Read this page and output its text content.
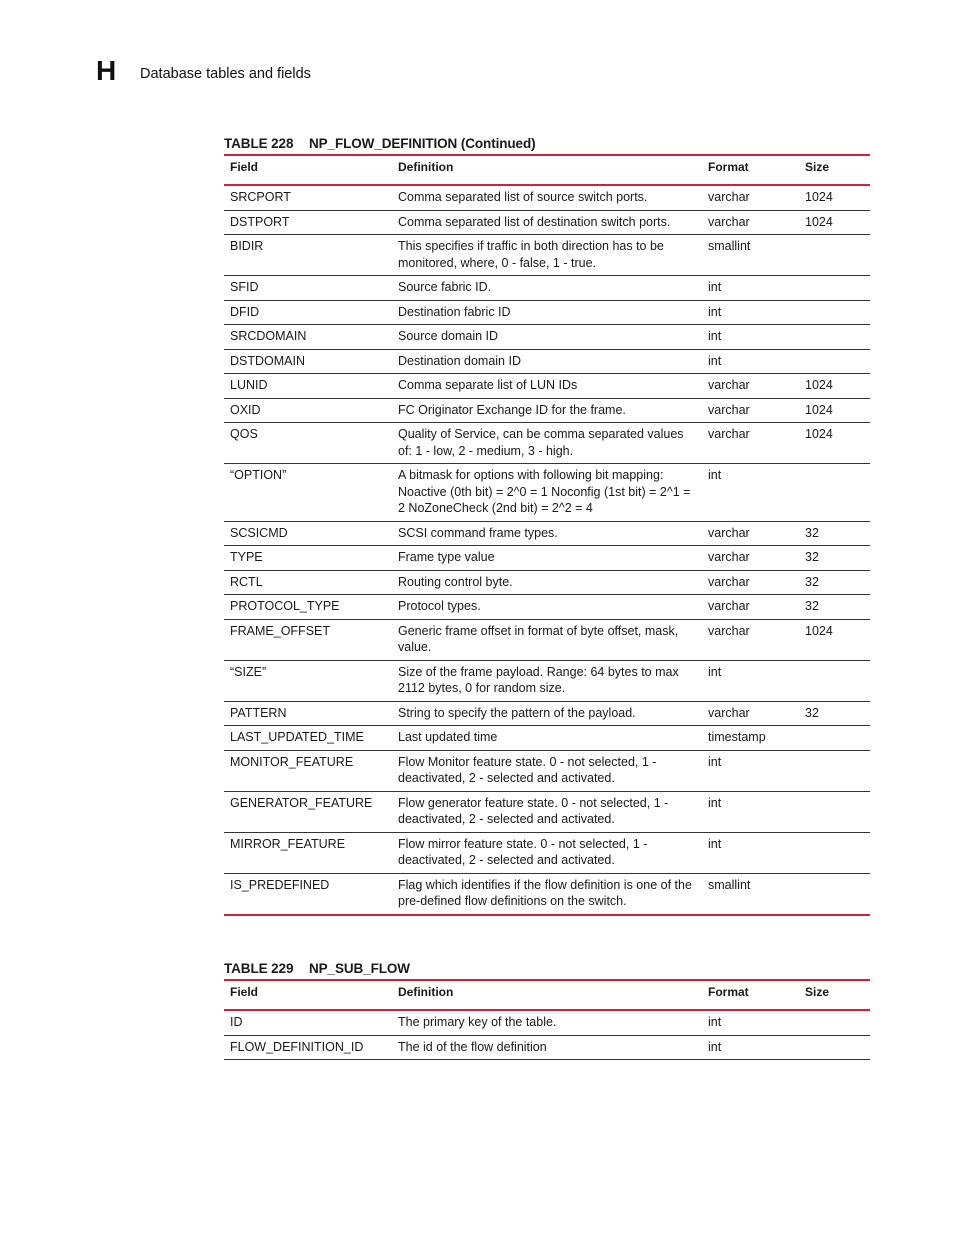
H Database tables and fields
TABLE 228 NP_FLOW_DEFINITION (Continued)
Field	Definition	Format	Size
SRCPORT	Comma separated list of source switch ports.	varchar	1024
DSTPORT	Comma separated list of destination switch ports.	varchar	1024
BIDIR	This specifies if traffic in both direction has to be monitored, where, 0 - false, 1 - true.	smallint	
SFID	Source fabric ID.	int	
DFID	Destination fabric ID	int	
SRCDOMAIN	Source domain ID	int	
DSTDOMAIN	Destination domain ID	int	
LUNID	Comma separate list of LUN IDs	varchar	1024
OXID	FC Originator Exchange ID for the frame.	varchar	1024
QOS	Quality of Service, can be comma separated values of: 1 - low, 2 - medium, 3 - high.	varchar	1024
“OPTION”	A bitmask for options with following bit mapping: Noactive (0th bit) = 2^0 = 1 Noconfig (1st bit) = 2^1 = 2 NoZoneCheck (2nd bit) = 2^2 = 4	int	
SCSICMD	SCSI command frame types.	varchar	32
TYPE	Frame type value	varchar	32
RCTL	Routing control byte.	varchar	32
PROTOCOL_TYPE	Protocol types.	varchar	32
FRAME_OFFSET	Generic frame offset in format of byte offset, mask, value.	varchar	1024
“SIZE”	Size of the frame payload. Range: 64 bytes to max 2112 bytes, 0 for random size.	int	
PATTERN	String to specify the pattern of the payload.	varchar	32
LAST_UPDATED_TIME	Last updated time	timestamp	
MONITOR_FEATURE	Flow Monitor feature state. 0 - not selected, 1 - deactivated, 2 - selected and activated.	int	
GENERATOR_FEATURE	Flow generator feature state. 0 - not selected, 1 - deactivated, 2 - selected and activated.	int	
MIRROR_FEATURE	Flow mirror feature state. 0 - not selected, 1 - deactivated, 2 - selected and activated.	int	
IS_PREDEFINED	Flag which identifies if the flow definition is one of the pre-defined flow definitions on the switch.	smallint	
TABLE 229 NP_SUB_FLOW
Field	Definition	Format	Size
ID	The primary key of the table.	int	
FLOW_DEFINITION_ID	The id of the flow definition	int	
